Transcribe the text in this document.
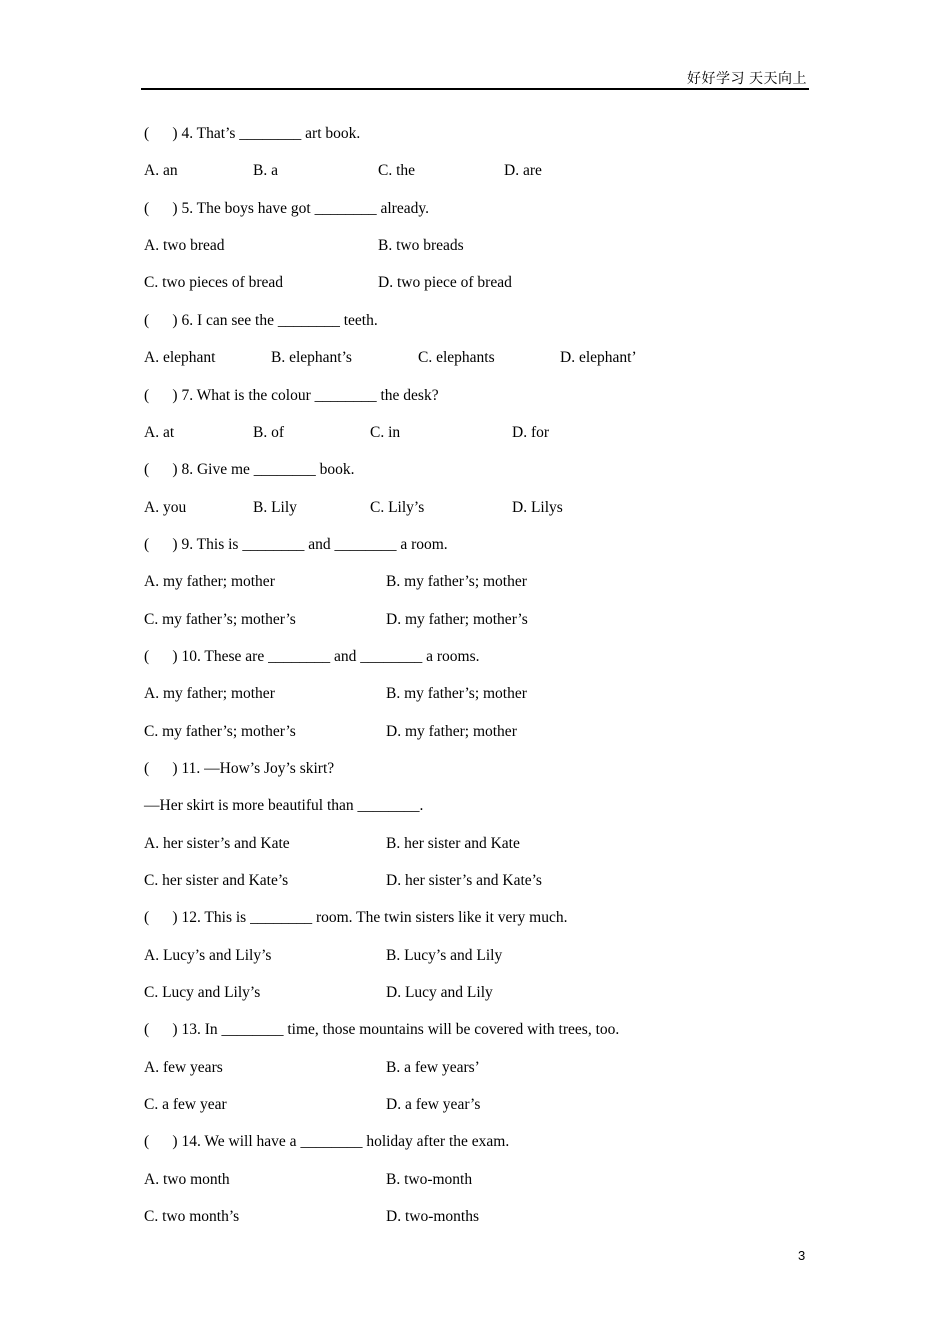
好好学习 天天向上
(      ) 4. That’s ________ art book.

A. an

	B. a

	C. the

	D. are

(      ) 5. The boys have got ________ already.

A. two bread

	B. two breads

C. two pieces of bread

	D. two piece of bread

(      ) 6. I can see the ________ teeth.

A. elephant

	B. elephant’s

	C. elephants

	D. elephant’

(      ) 7. What is the colour ________ the desk?

A. at

	B. of

	C. in

	D. for

(      ) 8. Give me ________ book.

A. you

	B. Lily

	C. Lily’s

	D. Lilys

(      ) 9. This is ________ and ________ a room.

A. my father; mother

	B. my father’s; mother

C. my father’s; mother’s

	D. my father; mother’s

(      ) 10. These are ________ and ________ a rooms.

A. my father; mother

	B. my father’s; mother

C. my father’s; mother’s

	D. my father; mother

(      ) 11. —How’s Joy’s skirt?
—Her skirt is more beautiful than ________.

A. her sister’s and Kate

	B. her sister and Kate

C. her sister and Kate’s

	D. her sister’s and Kate’s

(      ) 12. This is ________ room. The twin sisters like it very much.

A. Lucy’s and Lily’s

	B. Lucy’s and Lily

C. Lucy and Lily’s

	D. Lucy and Lily

(      ) 13. In ________ time, those mountains will be covered with trees, too.

A. few years

	B. a few years’

C. a few year

	D. a few year’s

(      ) 14. We will have a ________ holiday after the exam.

A. two month

	B. two-month

C. two month’s

	D. two-months

3
